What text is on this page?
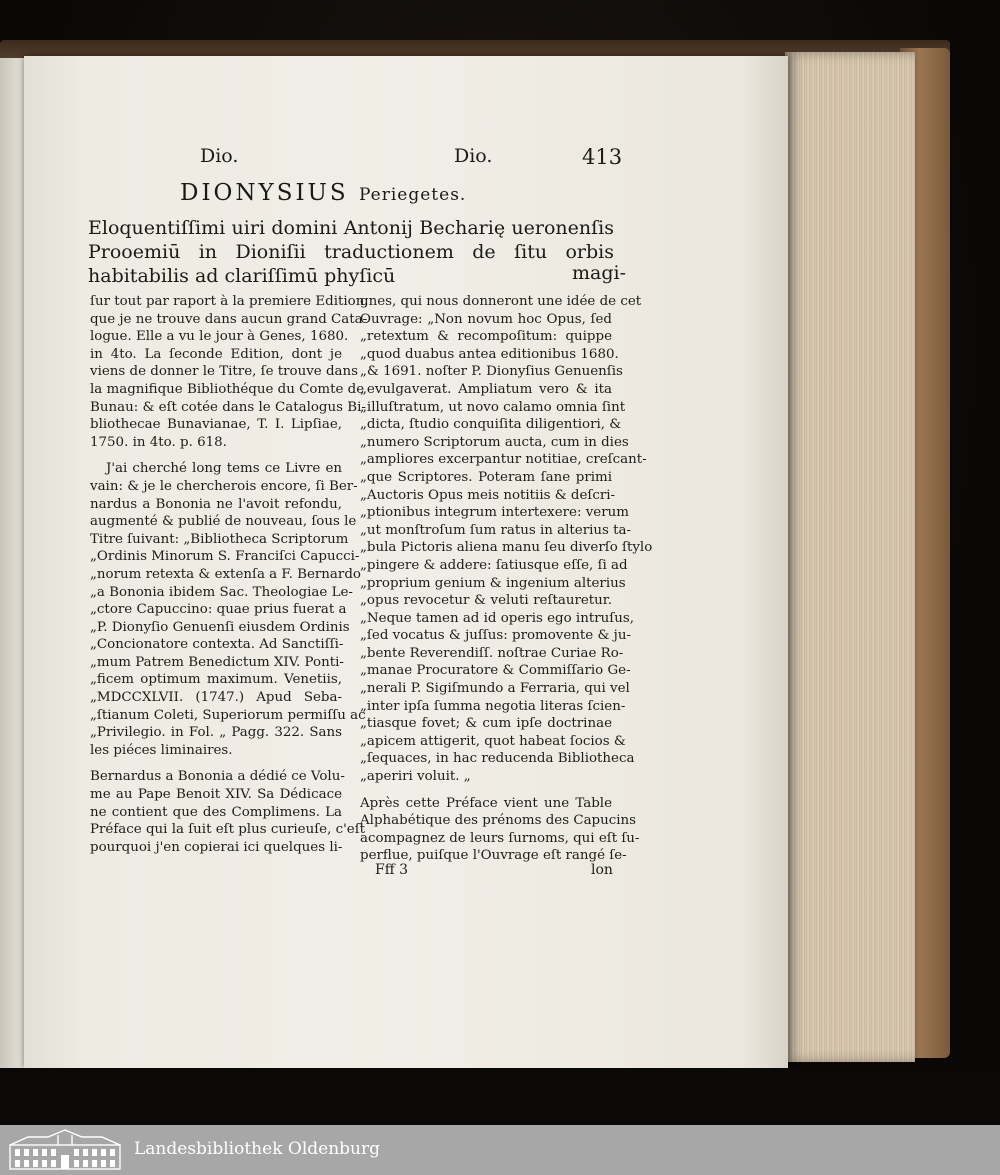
Dio.	Dio.	413
DIONYSIUS Periegetes.
Eloquentiſſimi uiri domini Antonij Becharię ueronenſis Prooemiū in Dioniſii traductionem de ſitu orbis habitabilis ad clariſſimū phyſicū	magi-

ſur tout par raport à la premiere Edition,
que je ne trouve dans aucun grand Cata-
logue. Elle a vu le jour à Genes, 1680.
in 4to. La ſeconde Edition, dont je
viens de donner le Titre, ſe trouve dans
la magnifique Bibliothéque du Comte de
Bunau: & eſt cotée dans le Catalogus Bi-
bliothecae Bunavianae, T. I. Lipſiae,
1750. in 4to. p. 618.

J'ai cherché long tems ce Livre en
vain: & je le chercherois encore, ſi Ber-
nardus a Bononia ne l'avoit refondu,
augmenté & publié de nouveau, ſous le
Titre ſuivant: „Bibliotheca Scriptorum
„Ordinis Minorum S. Franciſci Capucci-
„norum retexta & extenſa a F. Bernardo
„a Bononia ibidem Sac. Theologiae Le-
„ctore Capuccino: quae prius fuerat a
„P. Dionyſio Genuenſi eiusdem Ordinis
„Concionatore contexta. Ad Sanctiſſi-
„mum Patrem Benedictum XIV. Ponti-
„ficem optimum maximum. Venetiis,
„MDCCXLVII. (1747.) Apud Seba-
„ſtianum Coleti, Superiorum permiſſu ac
„Privilegio. in Fol. „ Pagg. 322. Sans
les piéces liminaires.

Bernardus a Bononia a dédié ce Volu-
me au Pape Benoit XIV. Sa Dédicace
ne contient que des Complimens. La
Préface qui la ſuit eſt plus curieuſe, c'eſt
pourquoi j'en copierai ici quelques li-

gnes, qui nous donneront une idée de cet
Ouvrage: „Non novum hoc Opus, ſed
„retextum & recompoſitum: quippe
„quod duabus antea editionibus 1680.
„& 1691. noſter P. Dionyſius Genuenſis
„evulgaverat. Ampliatum vero & ita
„illuſtratum, ut novo calamo omnia ſint
„dicta, ſtudio conquiſita diligentiori, &
„numero Scriptorum aucta, cum in dies
„ampliores excerpantur notitiae, creſcant-
„que Scriptores. Poteram ſane primi
„Auctoris Opus meis notitiis & deſcri-
„ptionibus integrum intertexere: verum
„ut monſtroſum ſum ratus in alterius ta-
„bula Pictoris aliena manu ſeu diverſo ſtylo
„pingere & addere: ſatiusque eſſe, ſi ad
„proprium genium & ingenium alterius
„opus revocetur & veluti reſtauretur.
„Neque tamen ad id operis ego intruſus,
„ſed vocatus & juſſus: promovente & ju-
„bente Reverendiſſ. noſtrae Curiae Ro-
„manae Procuratore & Commiſſario Ge-
„nerali P. Sigiſmundo a Ferraria, qui vel
„inter ipſa ſumma negotia literas ſcien-
„tiasque fovet; & cum ipſe doctrinae
„apicem attigerit, quot habeat ſocios &
„ſequaces, in hac reducenda Bibliotheca
„aperiri voluit. „

Après cette Préface vient une Table
Alphabétique des prénoms des Capucins
acompagnez de leurs ſurnoms, qui eſt ſu-
perflue, puiſque l'Ouvrage eſt rangé ſe-

Fff 3	lon
Landesbibliothek Oldenburg
